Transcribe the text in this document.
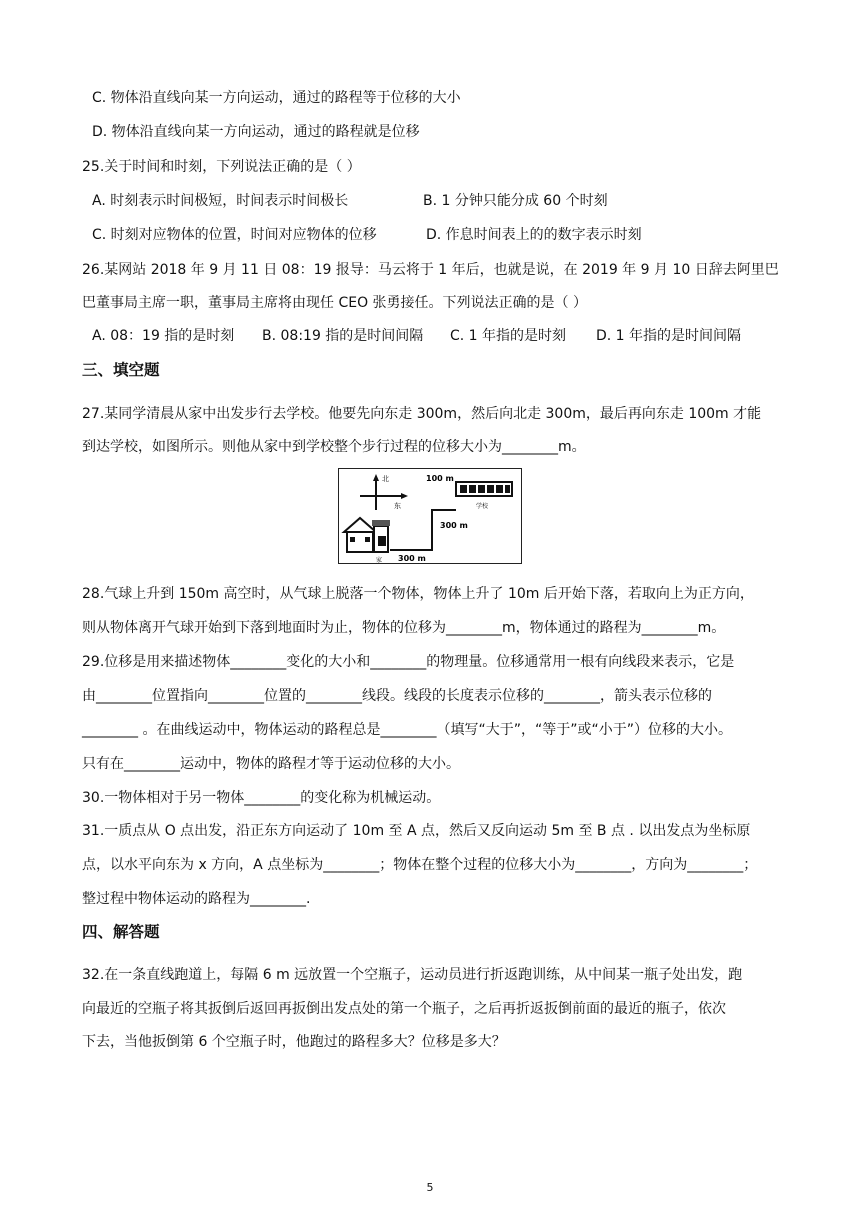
C. 物体沿直线向某一方向运动，通过的路程等于位移的大小
D. 物体沿直线向某一方向运动，通过的路程就是位移
25.关于时间和时刻，下列说法正确的是（ ）
A. 时刻表示时间极短，时间表示时间极长	B. 1 分钟只能分成 60 个时刻
C. 时刻对应物体的位置，时间对应物体的位移	D. 作息时间表上的的数字表示时刻
26.某网站 2018 年 9 月 11 日 08：19 报导：马云将于 1 年后，也就是说，在 2019 年 9 月 10 日辞去阿里巴
巴董事局主席一职，董事局主席将由现任 CEO 张勇接任。下列说法正确的是（ ）
A. 08：19 指的是时刻 B. 08:19 指的是时间间隔 C. 1 年指的是时刻 D. 1 年指的是时间间隔
三、填空题
27.某同学清晨从家中出发步行去学校。他要先向东走 300m，然后向北走 300m，最后再向东走 100m 才能
到达学校，如图所示。则他从家中到学校整个步行过程的位移大小为________m。
北
东
家 300 m
300 m
100 m
学校
28.气球上升到 150m 高空时，从气球上脱落一个物体，物体上升了 10m 后开始下落，若取向上为正方向，
则从物体离开气球开始到下落到地面时为止，物体的位移为________m，物体通过的路程为________m。
29.位移是用来描述物体________变化的大小和________的物理量。位移通常用一根有向线段来表示，它是
由________位置指向________位置的________线段。线段的长度表示位移的________，箭头表示位移的
________ 。在曲线运动中，物体运动的路程总是________（填写“大于”，“等于”或“小于”）位移的大小。
只有在________运动中，物体的路程才等于运动位移的大小。
30.一物体相对于另一物体________的变化称为机械运动。
31.一质点从 O 点出发，沿正东方向运动了 10m 至 A 点，然后又反向运动 5m 至 B 点 . 以出发点为坐标原
点，以水平向东为 x 方向，A 点坐标为________；物体在整个过程的位移大小为________，方向为________；
整过程中物体运动的路程为________.
四、解答题
32.在一条直线跑道上，每隔 6 m 远放置一个空瓶子，运动员进行折返跑训练，从中间某一瓶子处出发，跑
向最近的空瓶子将其扳倒后返回再扳倒出发点处的第一个瓶子，之后再折返扳倒前面的最近的瓶子，依次
下去，当他扳倒第 6 个空瓶子时，他跑过的路程多大？位移是多大？
5
